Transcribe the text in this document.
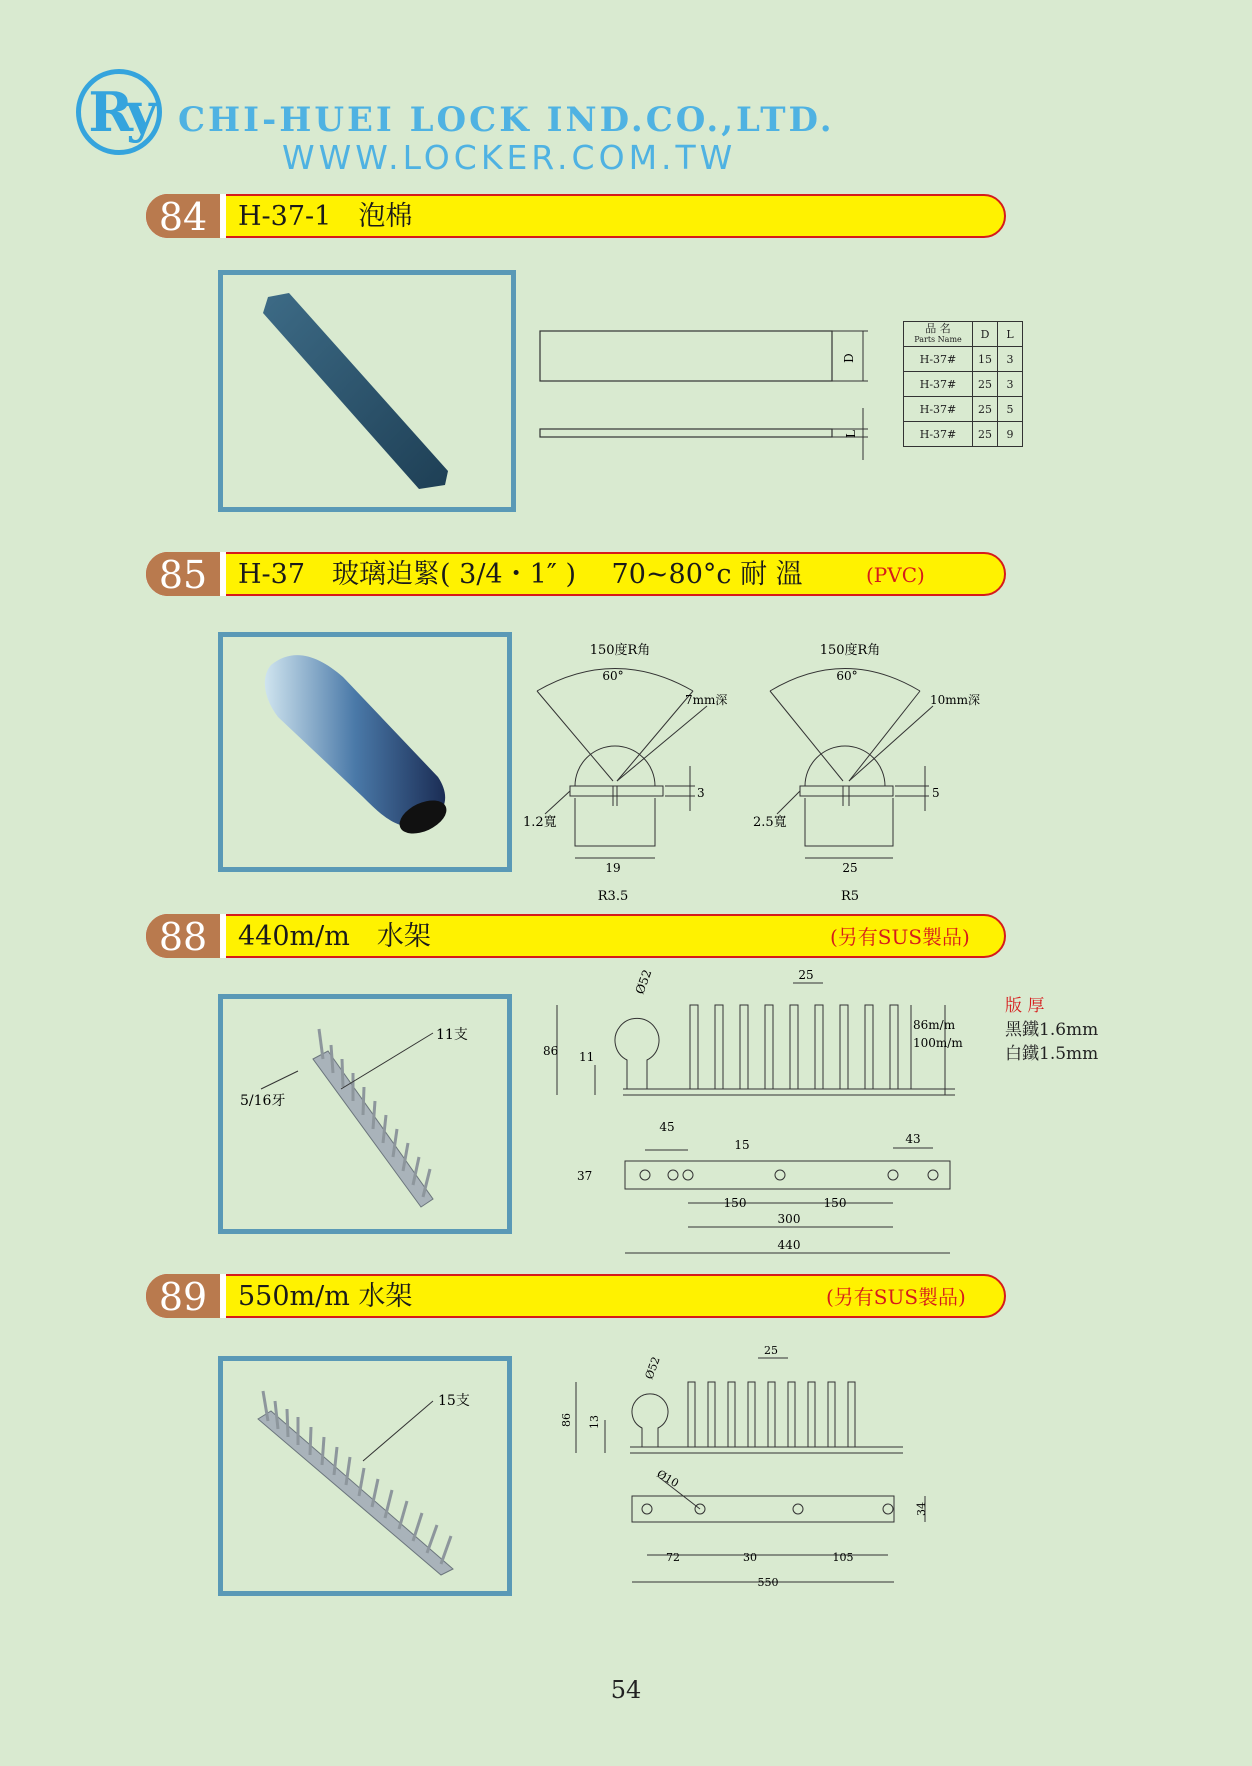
Ry CHI-HUEI LOCK IND.CO.,LTD.
WWW.LOCKER.COM.TW
84	H-37-1　泡棉
D
L
品 名
Parts Name	D	L
H-37#	15	3
H-37#	25	3
H-37#	25	5
H-37#	25	9
85	H-37　玻璃迫緊( 3/4・1″ )　 70~80°c 耐 溫	(PVC)
150度R角
60°
7mm深
3
1.2寬
19
R3.5
150度R角
60°
10mm深
5
2.5寬
25
R5
88	440m/m　水架	(另有SUS製品)
11支
5/16牙
Ø52	25
86 11
86m/m
100m/m
45
15	43
37
150	150
300
440
版 厚
黑鐵1.6mm
白鐵1.5mm
89	550m/m 水架	(另有SUS製品)
15支
Ø52
25
86 13
Ø10
72	30	105
550
34
54
